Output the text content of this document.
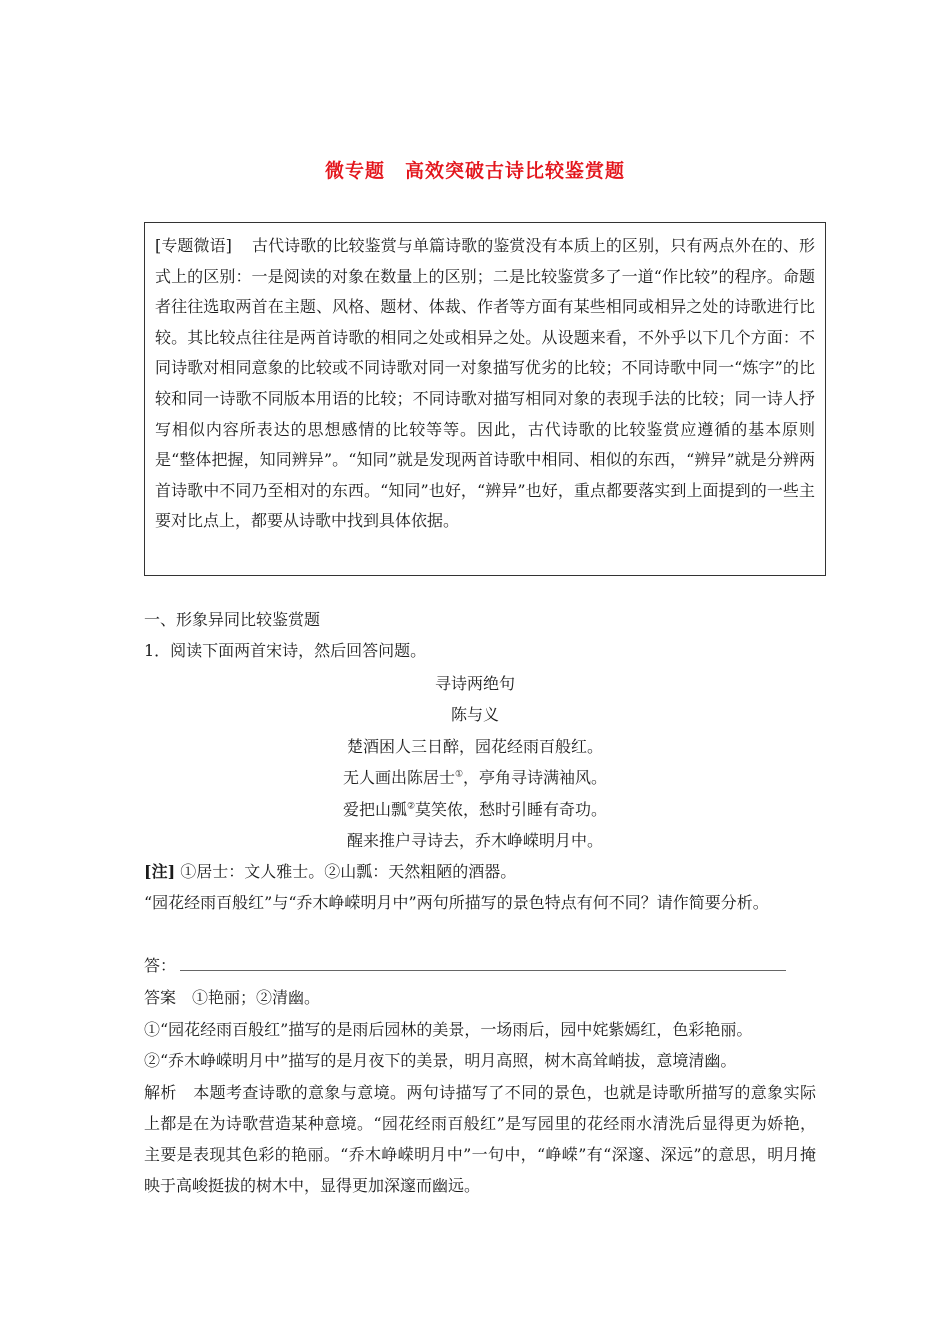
微专题　高效突破古诗比较鉴赏题
[专题微语] 古代诗歌的比较鉴赏与单篇诗歌的鉴赏没有本质上的区别，只有两点外在的、形式上的区别：一是阅读的对象在数量上的区别；二是比较鉴赏多了一道“作比较”的程序。命题者往往选取两首在主题、风格、题材、体裁、作者等方面有某些相同或相异之处的诗歌进行比较。其比较点往往是两首诗歌的相同之处或相异之处。从设题来看，不外乎以下几个方面：不同诗歌对相同意象的比较或不同诗歌对同一对象描写优劣的比较；不同诗歌中同一“炼字”的比较和同一诗歌不同版本用语的比较；不同诗歌对描写相同对象的表现手法的比较；同一诗人抒写相似内容所表达的思想感情的比较等等。因此，古代诗歌的比较鉴赏应遵循的基本原则是“整体把握，知同辨异”。“知同”就是发现两首诗歌中相同、相似的东西，“辨异”就是分辨两首诗歌中不同乃至相对的东西。“知同”也好，“辨异”也好，重点都要落实到上面提到的一些主要对比点上，都要从诗歌中找到具体依据。
一、形象异同比较鉴赏题
1．阅读下面两首宋诗，然后回答问题。
寻诗两绝句
陈与义
楚酒困人三日醉，园花经雨百般红。
无人画出陈居士①，亭角寻诗满袖风。
爱把山瓢②莫笑侬，愁时引睡有奇功。
醒来推户寻诗去，乔木峥嵘明月中。
[注] ①居士：文人雅士。②山瓢：天然粗陋的酒器。
“园花经雨百般红”与“乔木峥嵘明月中”两句所描写的景色特点有何不同？请作简要分析。
答：
答案  ①艳丽；②清幽。
①“园花经雨百般红”描写的是雨后园林的美景，一场雨后，园中姹紫嫣红，色彩艳丽。
②“乔木峥嵘明月中”描写的是月夜下的美景，明月高照，树木高耸峭拔，意境清幽。
解析  本题考查诗歌的意象与意境。两句诗描写了不同的景色，也就是诗歌所描写的意象实际上都是在为诗歌营造某种意境。“园花经雨百般红”是写园里的花经雨水清洗后显得更为娇艳，主要是表现其色彩的艳丽。“乔木峥嵘明月中”一句中，“峥嵘”有“深邃、深远”的意思，明月掩映于高峻挺拔的树木中，显得更加深邃而幽远。
